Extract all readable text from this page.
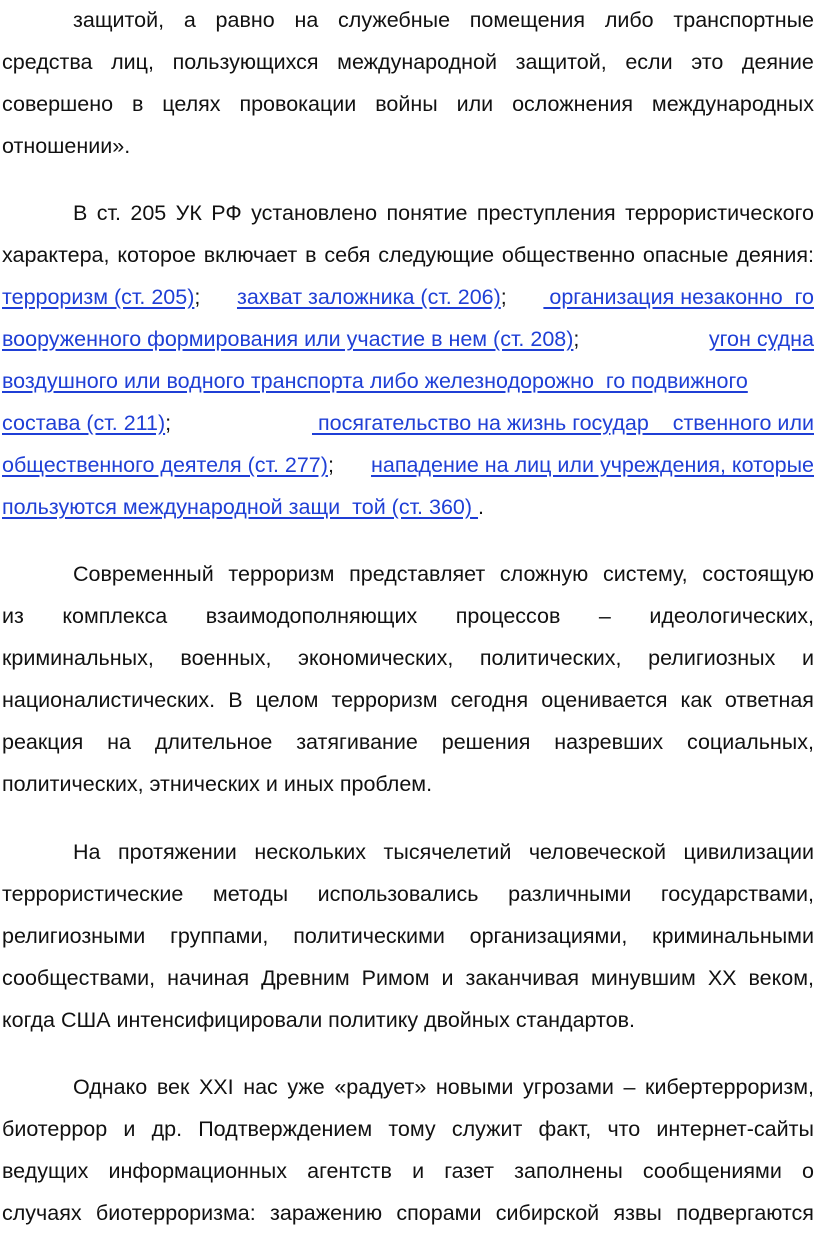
защитой, а равно на служебные помещения либо транспортные
средства лиц, пользующихся международной защитой, если это деяние
совершено в целях провокации войны или осложнения международных
отношении».
В ст. 205 УК РФ установлено понятие преступления террористического
характера, которое включает в себя следующие общественно опасные деяния:
терроризм (ст. 205); захват заложника (ст. 206); организация незаконно  го
вооруженного формирования или участие в нем (ст. 208);	угон судна
воздушного или водного транспорта либо железнодорожно  го подвижного
состава (ст. 211);	посягательство на жизнь государ    ственного или
общественного деятеля (ст. 277); нападение на лиц или учреждения, которые
пользуются международной защи  той (ст. 360) .
Современный терроризм представляет сложную систему, состоящую
из комплекса взаимодополняющих процессов – идеологических,
криминальных, военных, экономических, политических, религиозных и
националистических. В целом терроризм сегодня оценивается как ответная
реакция на длительное затягивание решения назревших социальных,
политических, этнических и иных проблем.
На протяжении нескольких тысячелетий человеческой цивилизации
террористические методы использовались различными государствами,
религиозными группами, политическими организациями, криминальными
сообществами, начиная Древним Римом и заканчивая минувшим XX веком,
когда США интенсифицировали политику двойных стандартов.
Однако век XXI нас уже «радует» новыми угрозами – кибертерроризм,
биотеррор и др. Подтверждением тому служит факт, что интернет-сайты
ведущих информационных агентств и газет заполнены сообщениями о
случаях биотерроризма: заражению спорами сибирской язвы подвергаются
